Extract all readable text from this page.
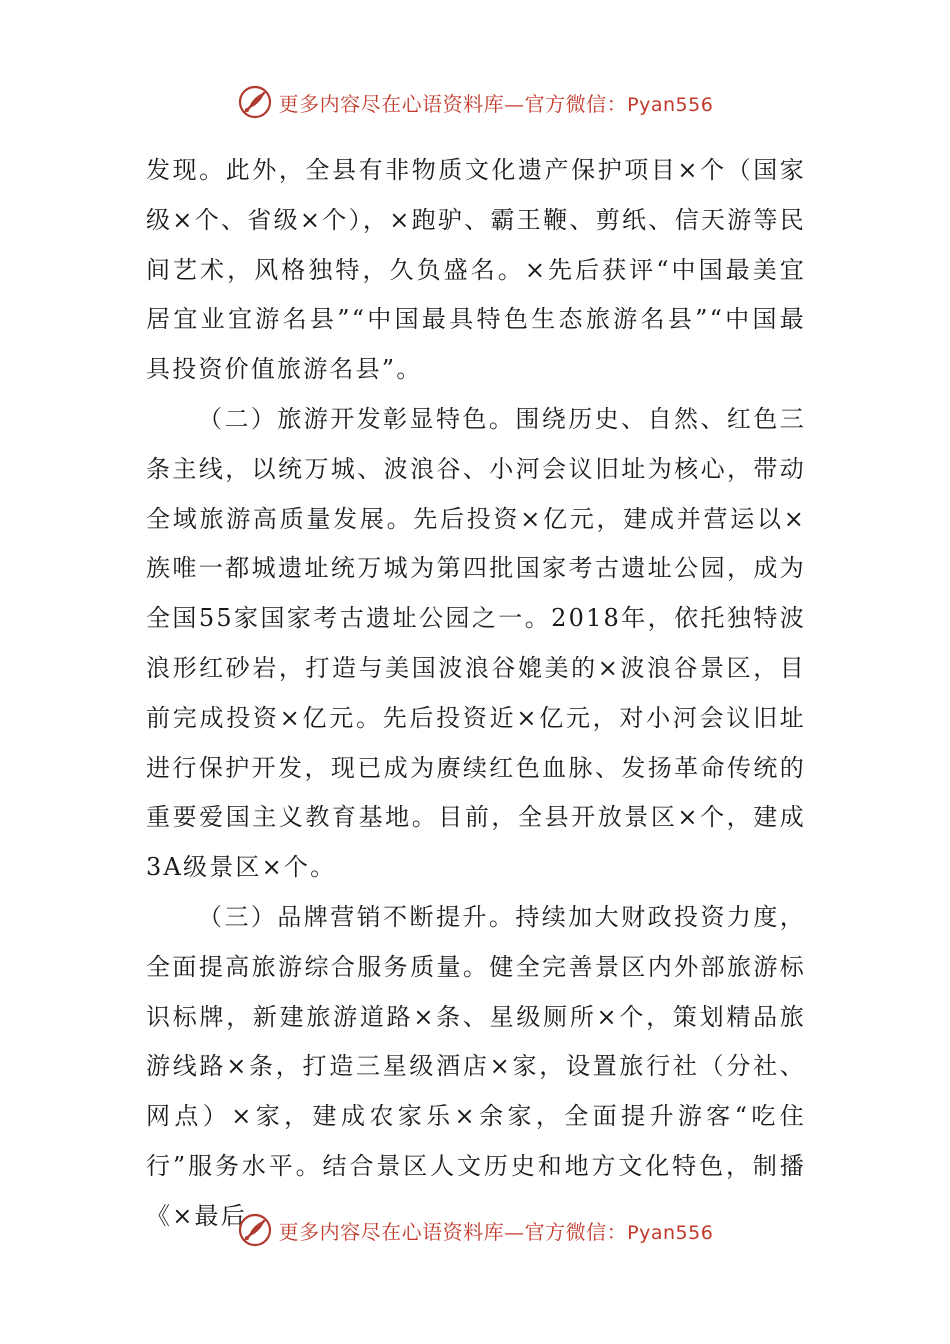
更多内容尽在心语资料库—官方微信：Pyan556

发现。此外，全县有非物质文化遗产保护项目×个（国家级×个、省级×个），×跑驴、霸王鞭、剪纸、信天游等民间艺术，风格独特，久负盛名。×先后获评“中国最美宜居宜业宜游名县”“中国最具特色生态旅游名县”“中国最具投资价值旅游名县”。

（二）旅游开发彰显特色。围绕历史、自然、红色三条主线，以统万城、波浪谷、小河会议旧址为核心，带动全域旅游高质量发展。先后投资×亿元，建成并营运以×族唯一都城遗址统万城为第四批国家考古遗址公园，成为全国55家国家考古遗址公园之一。2018年，依托独特波浪形红砂岩，打造与美国波浪谷媲美的×波浪谷景区，目前完成投资×亿元。先后投资近×亿元，对小河会议旧址进行保护开发，现已成为赓续红色血脉、发扬革命传统的重要爱国主义教育基地。目前，全县开放景区×个，建成3A级景区×个。

（三）品牌营销不断提升。持续加大财政投资力度，全面提高旅游综合服务质量。健全完善景区内外部旅游标识标牌，新建旅游道路×条、星级厕所×个，策划精品旅游线路×条，打造三星级酒店×家，设置旅行社（分社、网点）×家，建成农家乐×余家，全面提升游客“吃住行”服务水平。结合景区人文历史和地方文化特色，制播《×最后

更多内容尽在心语资料库—官方微信：Pyan556
